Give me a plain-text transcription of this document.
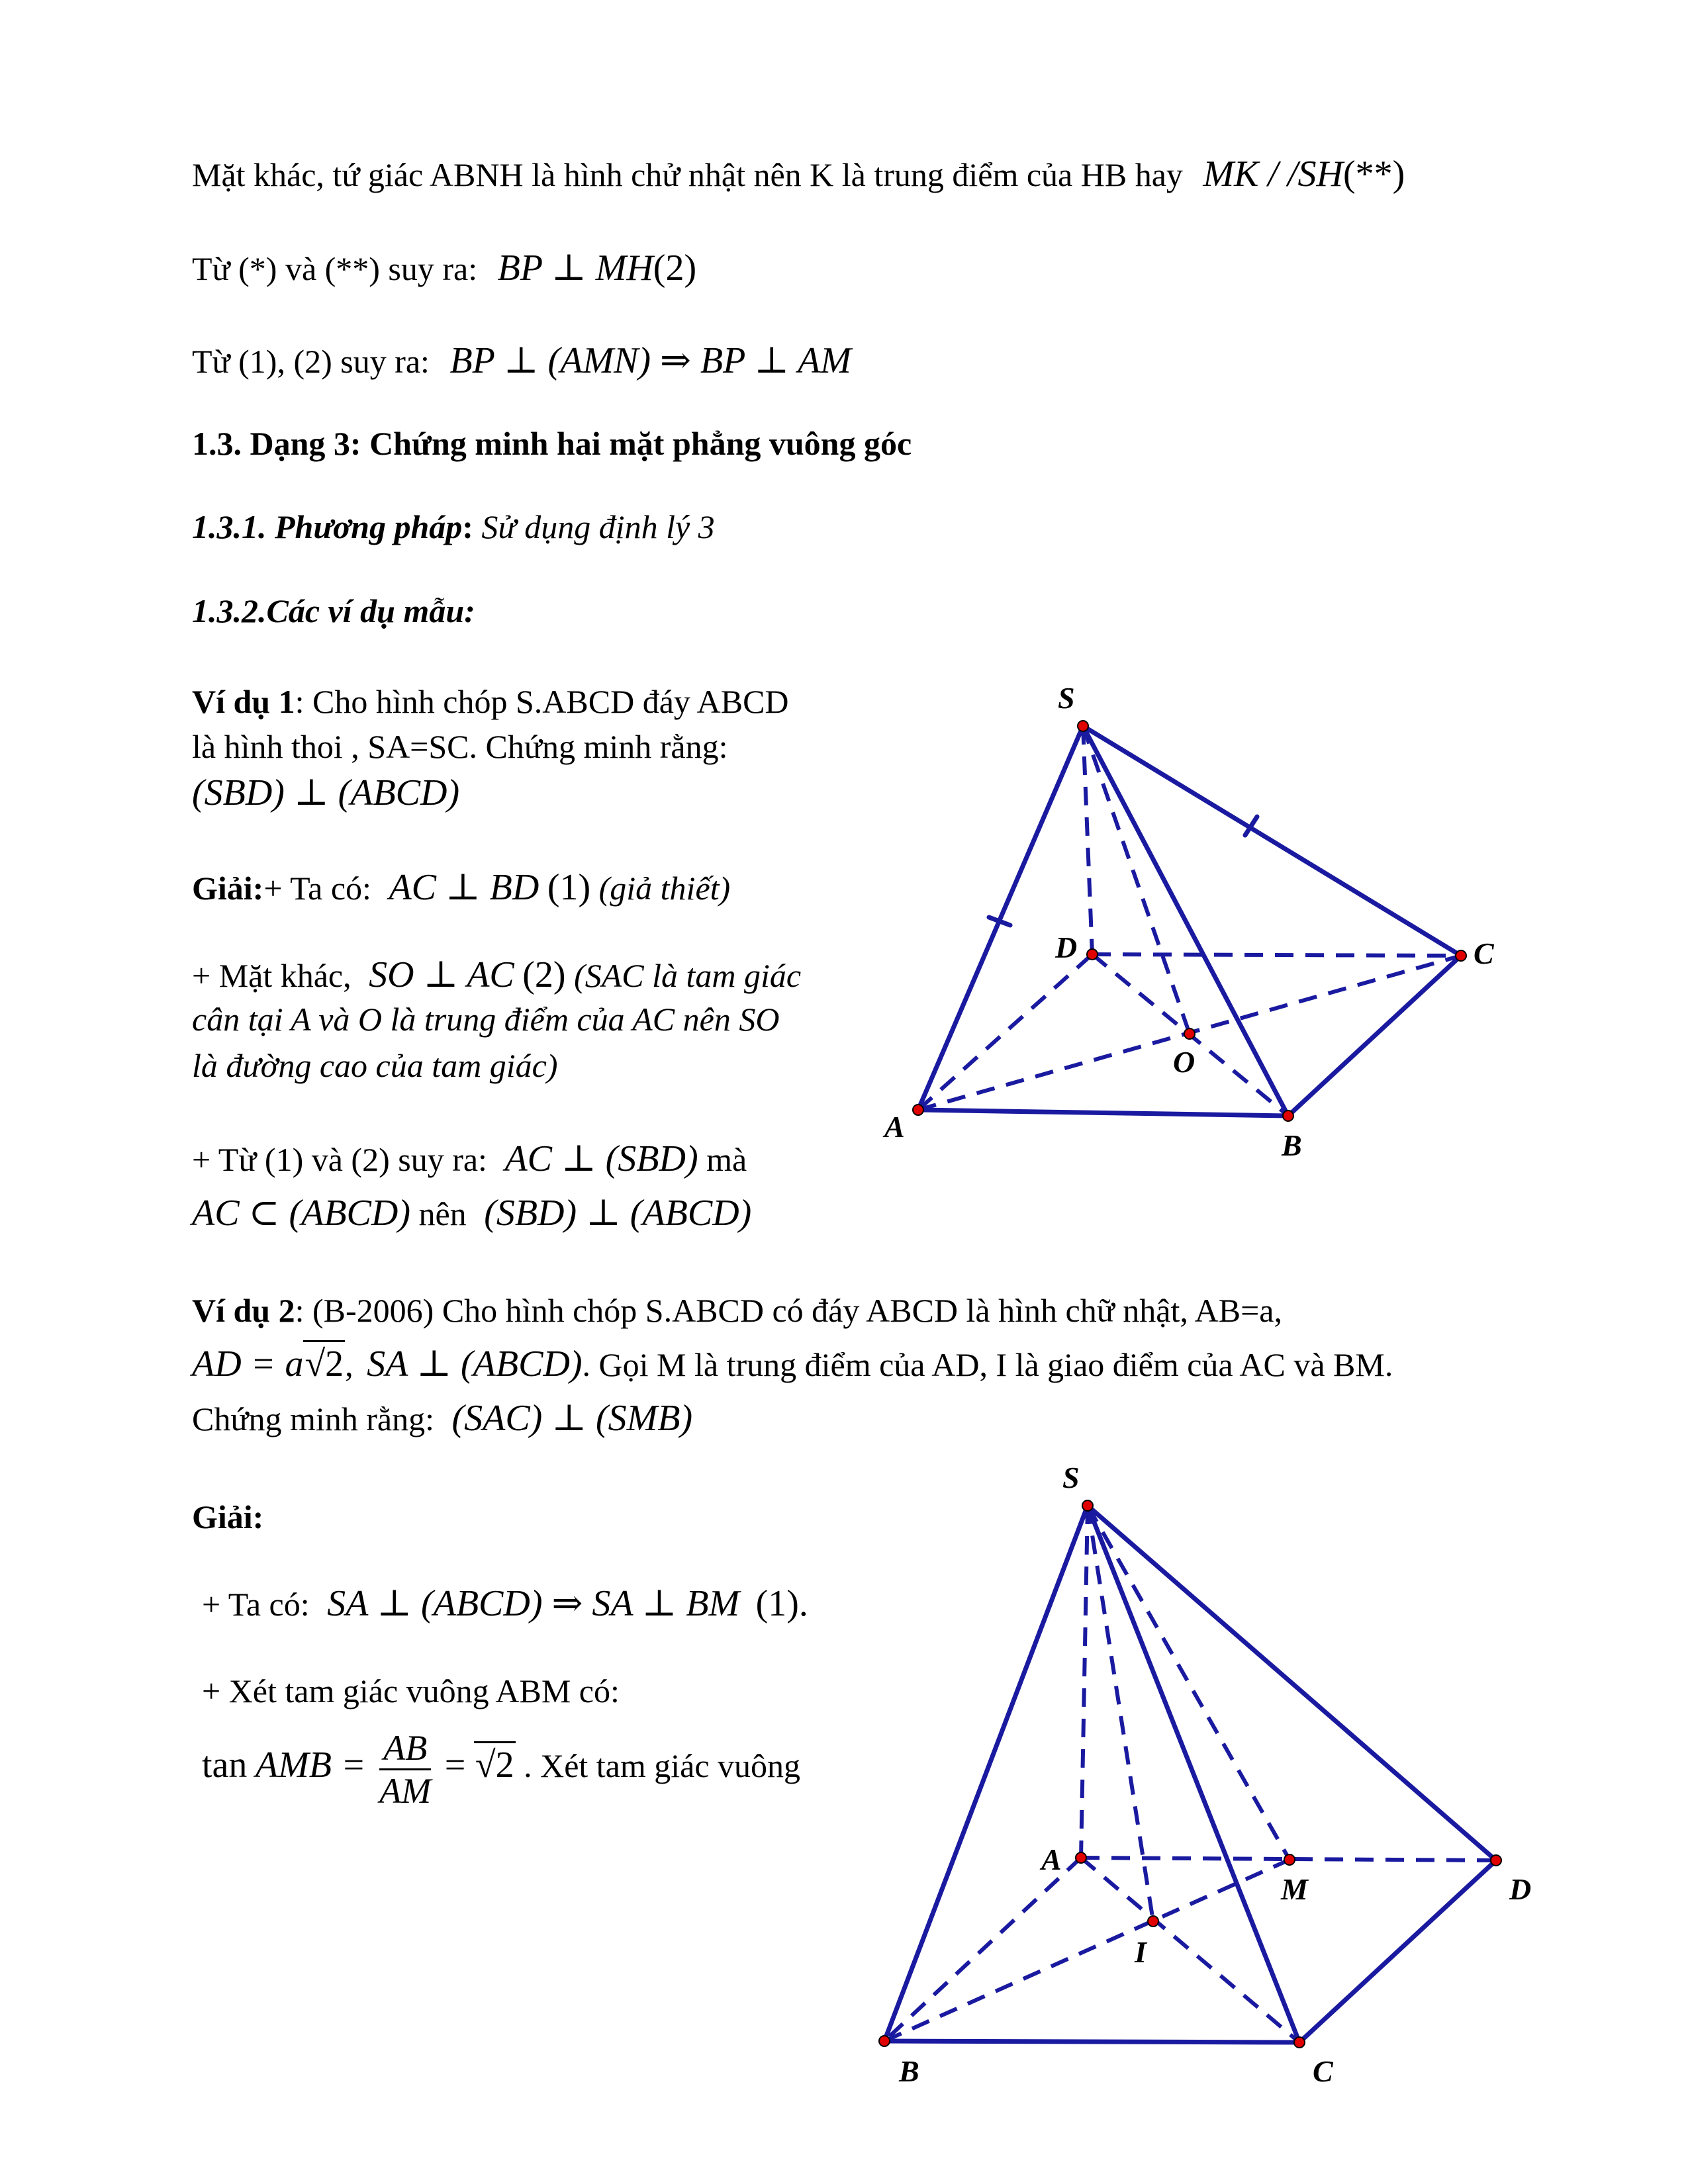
Mặt khác, tứ giác ABNH là hình chử nhật nên K là trung điểm của HB hay MK / /SH(**)
Từ (*) và (**) suy ra: BP ⊥ MH(2)
Từ (1), (2) suy ra: BP ⊥ (AMN) ⇒ BP ⊥ AM
1.3. Dạng 3: Chứng minh hai mặt phẳng vuông góc
1.3.1. Phương pháp: Sử dụng định lý 3
1.3.2.Các ví dụ mẫu:
Ví dụ 1: Cho hình chóp S.ABCD đáy ABCD
là hình thoi , SA=SC. Chứng minh rằng:
(SBD) ⊥ (ABCD)
Giải:+ Ta có: AC ⊥ BD (1) (giả thiết)
+ Mặt khác, SO ⊥ AC (2) (SAC là tam giác
cân tại A và O là trung điểm của AC nên SO
là đường cao của tam giác)
+ Từ (1) và (2) suy ra: AC ⊥ (SBD) mà
AC ⊂ (ABCD) nên (SBD) ⊥ (ABCD)
Ví dụ 2: (B-2006) Cho hình chóp S.ABCD có đáy ABCD là hình chữ nhật, AB=a,
AD = a√2, SA ⊥ (ABCD). Gọi M là trung điểm của AD, I là giao điểm của AC và BM.
Chứng minh rằng: (SAC) ⊥ (SMB)
Giải:
+ Ta có: SA ⊥ (ABCD) ⇒ SA ⊥ BM (1).
+ Xét tam giác vuông ABM có:
tan AMB = $\frac{AB}{AM} = √2$ . Xét tam giác vuông
S
D	C
O
A
B
S
A
M	D
I
B	C
